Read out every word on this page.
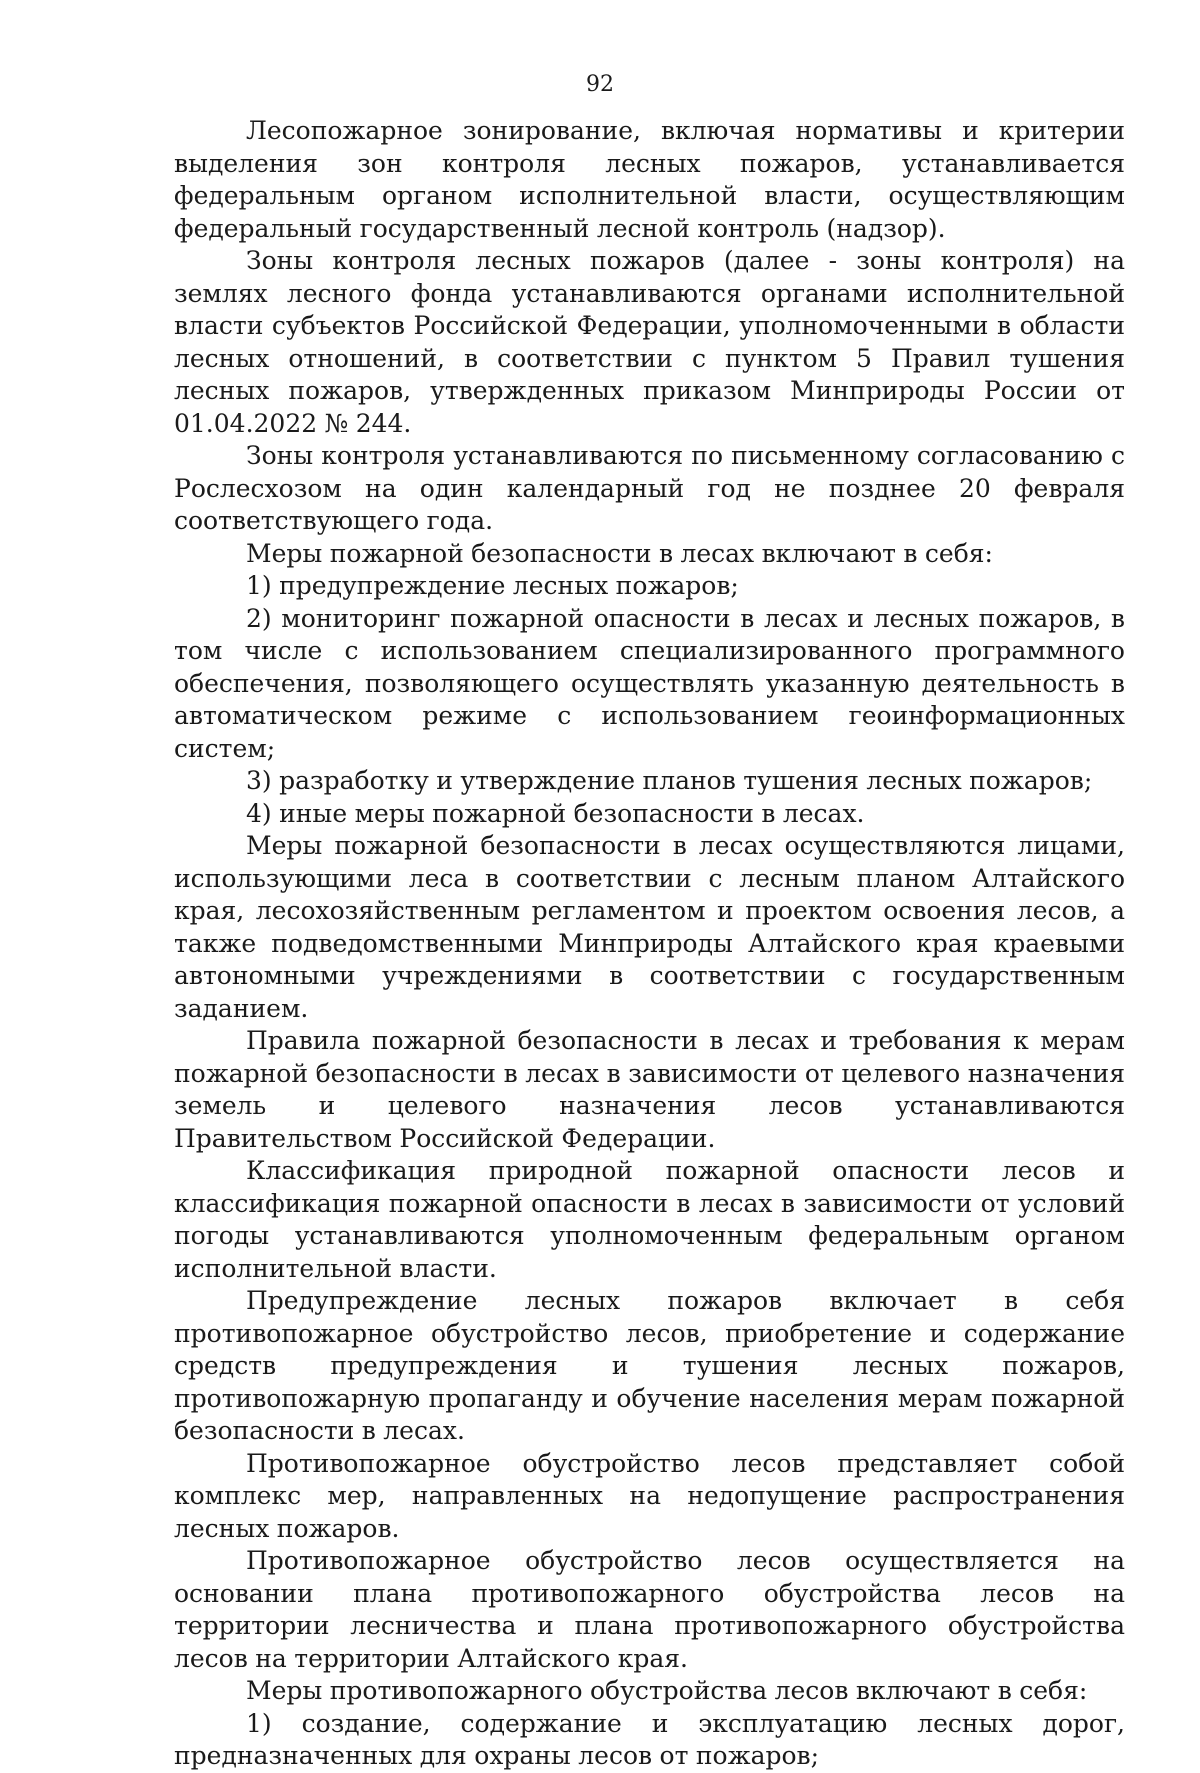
92

Лесопожарное зонирование, включая нормативы и критерии выделения зон контроля лесных пожаров, устанавливается федеральным органом исполнительной власти, осуществляющим федеральный государственный лесной контроль (надзор).

Зоны контроля лесных пожаров (далее - зоны контроля) на землях лесного фонда устанавливаются органами исполнительной власти субъектов Российской Федерации, уполномоченными в области лесных отношений, в соответствии с пунктом 5 Правил тушения лесных пожаров, утвержденных приказом Минприроды России от 01.04.2022 № 244.

Зоны контроля устанавливаются по письменному согласованию с Рослесхозом на один календарный год не позднее 20 февраля соответствующего года.

Меры пожарной безопасности в лесах включают в себя:

1) предупреждение лесных пожаров;

2) мониторинг пожарной опасности в лесах и лесных пожаров, в том числе с использованием специализированного программного обеспечения, позволяющего осуществлять указанную деятельность в автоматическом режиме с использованием геоинформационных систем;

3) разработку и утверждение планов тушения лесных пожаров;

4) иные меры пожарной безопасности в лесах.

Меры пожарной безопасности в лесах осуществляются лицами, использующими леса в соответствии с лесным планом Алтайского края, лесохозяйственным регламентом и проектом освоения лесов, а также подведомственными Минприроды Алтайского края краевыми автономными учреждениями в соответствии с государственным заданием.

Правила пожарной безопасности в лесах и требования к мерам пожарной безопасности в лесах в зависимости от целевого назначения земель и целевого назначения лесов устанавливаются Правительством Российской Федерации.

Классификация природной пожарной опасности лесов и классификация пожарной опасности в лесах в зависимости от условий погоды устанавливаются уполномоченным федеральным органом исполнительной власти.

Предупреждение лесных пожаров включает в себя противопожарное обустройство лесов, приобретение и содержание средств предупреждения и тушения лесных пожаров, противопожарную пропаганду и обучение населения мерам пожарной безопасности в лесах.

Противопожарное обустройство лесов представляет собой комплекс мер, направленных на недопущение распространения лесных пожаров.

Противопожарное обустройство лесов осуществляется на основании плана противопожарного обустройства лесов на территории лесничества и плана противопожарного обустройства лесов на территории Алтайского края.

Меры противопожарного обустройства лесов включают в себя:

1) создание, содержание и эксплуатацию лесных дорог, предназначенных для охраны лесов от пожаров;
